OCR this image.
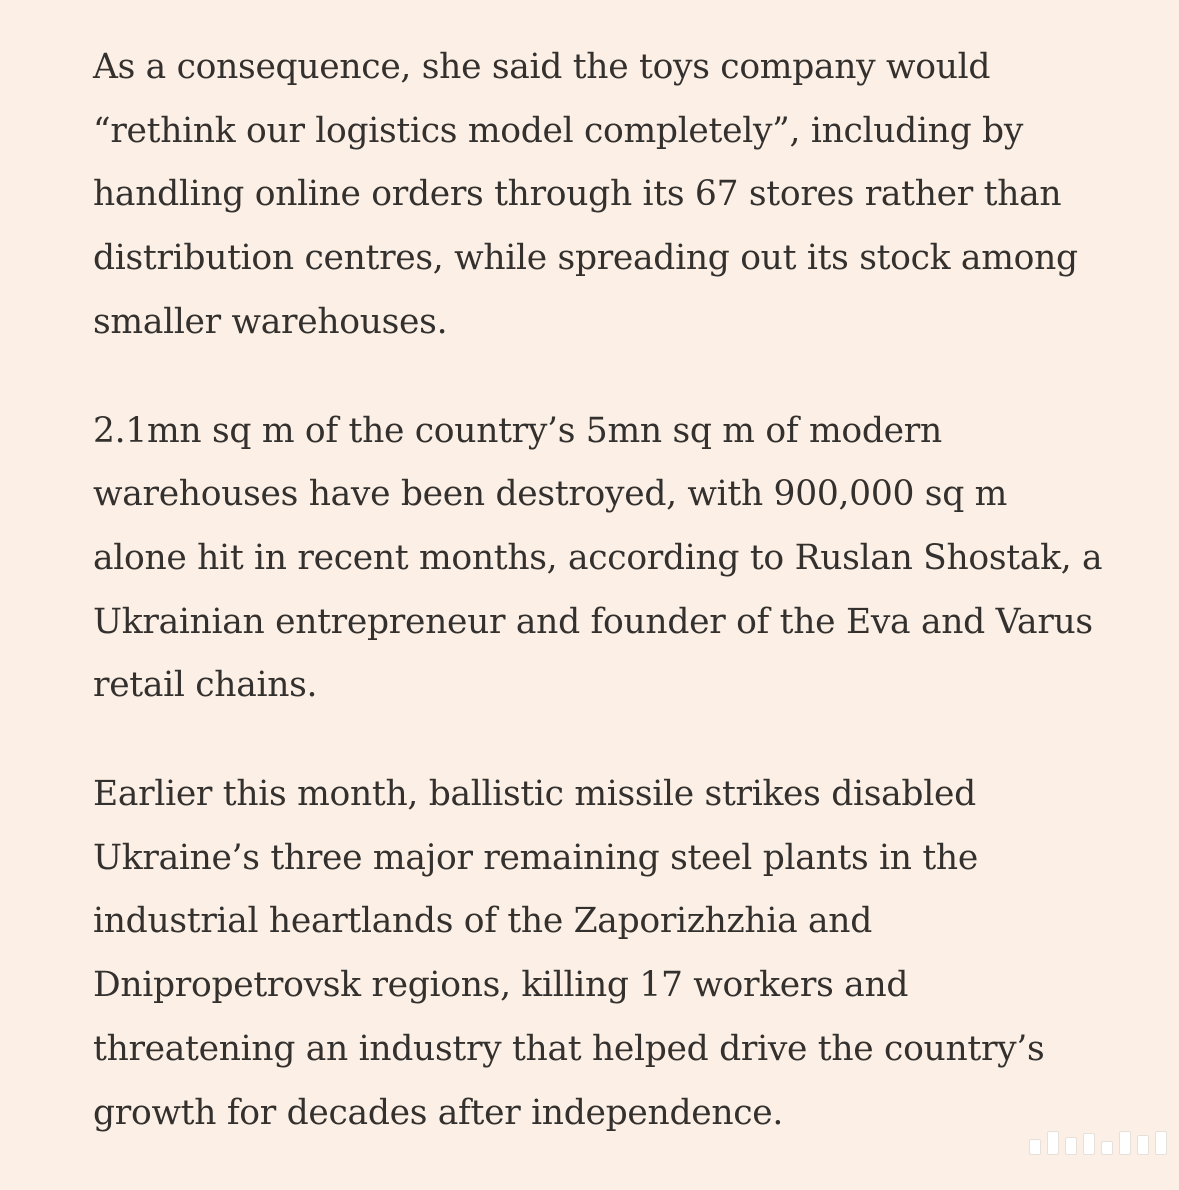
As a consequence, she said the toys company would
“rethink our logistics model completely”, including by
handling online orders through its 67 stores rather than
distribution centres, while spreading out its stock among
smaller warehouses.

2.1mn sq m of the country’s 5mn sq m of modern
warehouses have been destroyed, with 900,000 sq m
alone hit in recent months, according to Ruslan Shostak, a
Ukrainian entrepreneur and founder of the Eva and Varus
retail chains.

Earlier this month, ballistic missile strikes disabled
Ukraine’s three major remaining steel plants in the
industrial heartlands of the Zaporizhzhia and
Dnipropetrovsk regions, killing 17 workers and
threatening an industry that helped drive the country’s
growth for decades after independence.
